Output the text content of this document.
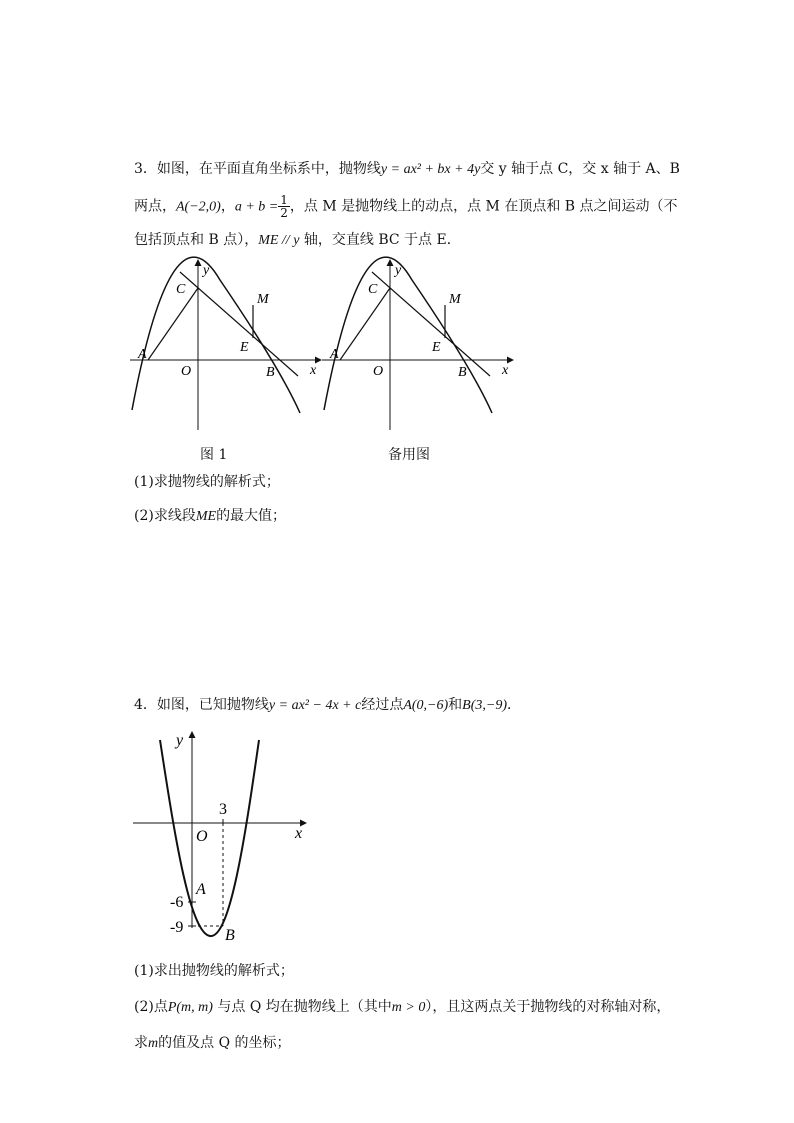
3．如图，在平面直角坐标系中，抛物线y = ax² + bx + 4y交 y 轴于点 C，交 x 轴于 A、B
两点，A(−2,0)，$a + b = \frac{1}{2}$ ，点 M 是抛物线上的动点，点 M 在顶点和 B 点之间运动（不
包括顶点和 B 点），ME // y 轴，交直线 BC 于点 E．
y
x
C
M
A	E
O	B
y
x
C
M
A	E
O	B
图 1	备用图
(1)求抛物线的解析式；
(2)求线段ME的最大值；
4．如图，已知抛物线y = ax² − 4x + c经过点A(0,−6)和B(3,−9)．
y
x
O
3
-6
A
-9	B
(1)求出抛物线的解析式；
(2)点P(m, m) 与点 Q 均在抛物线上（其中m > 0），且这两点关于抛物线的对称轴对称，
求m的值及点 Q 的坐标；
